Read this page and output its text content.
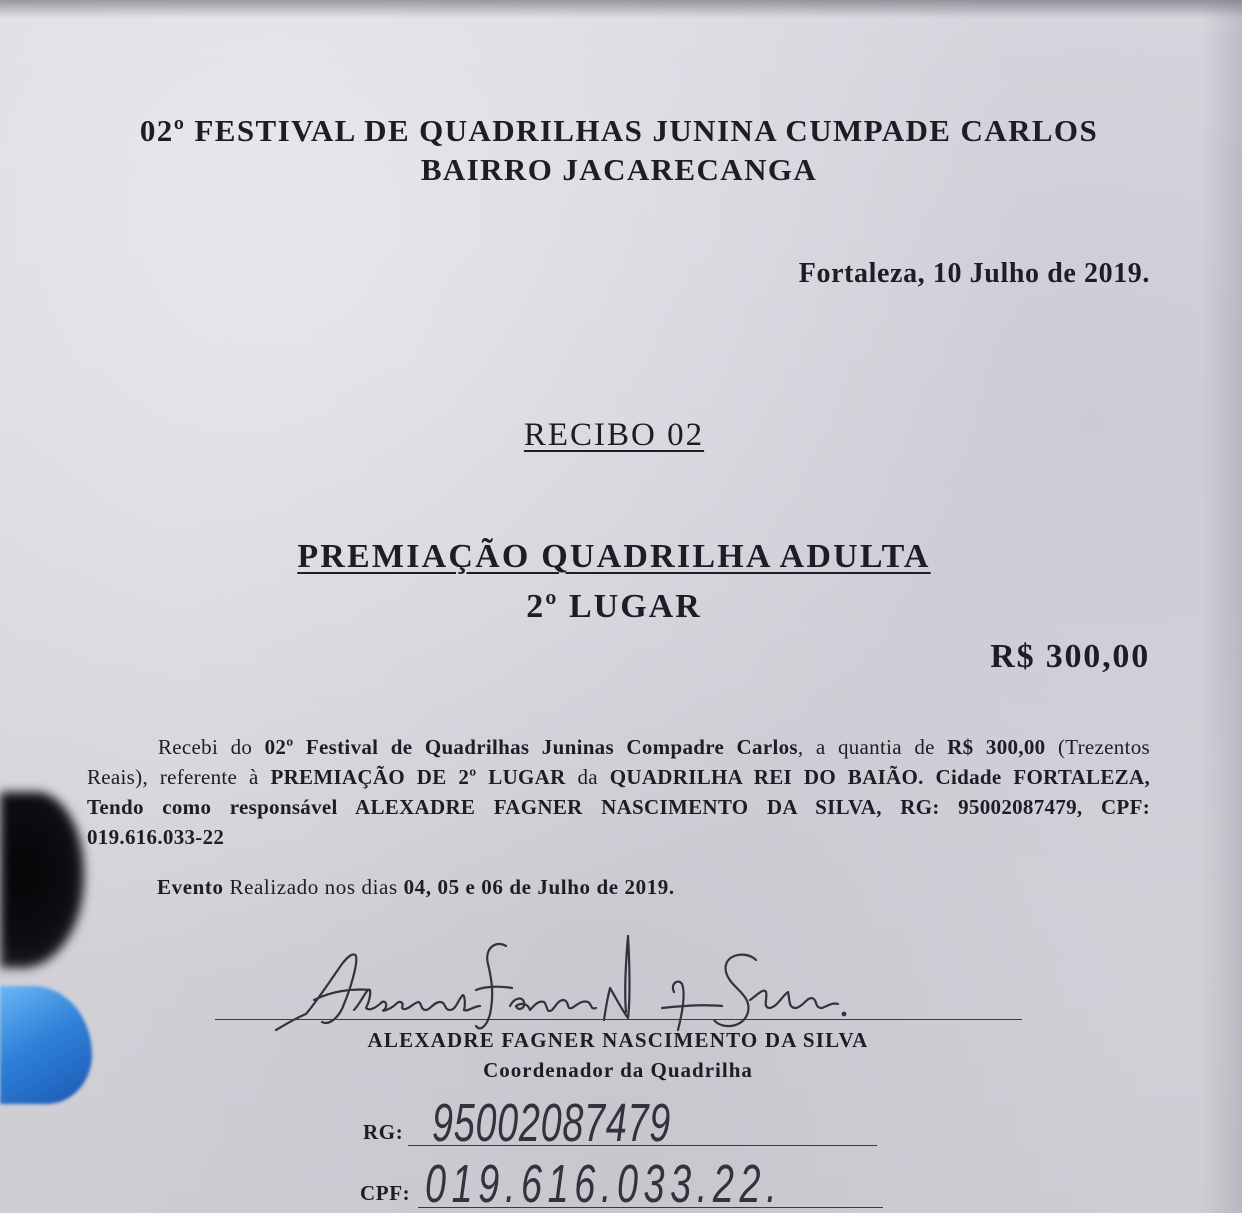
02º FESTIVAL DE QUADRILHAS JUNINA CUMPADE CARLOS
BAIRRO JACARECANGA
Fortaleza, 10 Julho de 2019.
RECIBO 02
PREMIAÇÃO QUADRILHA ADULTA
2º LUGAR
R$ 300,00
Recebi do 02º Festival de Quadrilhas Juninas Compadre Carlos, a quantia de R$ 300,00 (Trezentos
Reais), referente à PREMIAÇÃO DE 2º LUGAR da QUADRILHA REI DO BAIÃO. Cidade FORTALEZA,
Tendo como responsável ALEXADRE FAGNER NASCIMENTO DA SILVA, RG: 95002087479, CPF:
019.616.033-22
Evento Realizado nos dias 04, 05 e 06 de Julho de 2019.
ALEXADRE FAGNER NASCIMENTO DA SILVA
Coordenador da Quadrilha
RG: 95002087479
CPF: 019.616.033.22.
